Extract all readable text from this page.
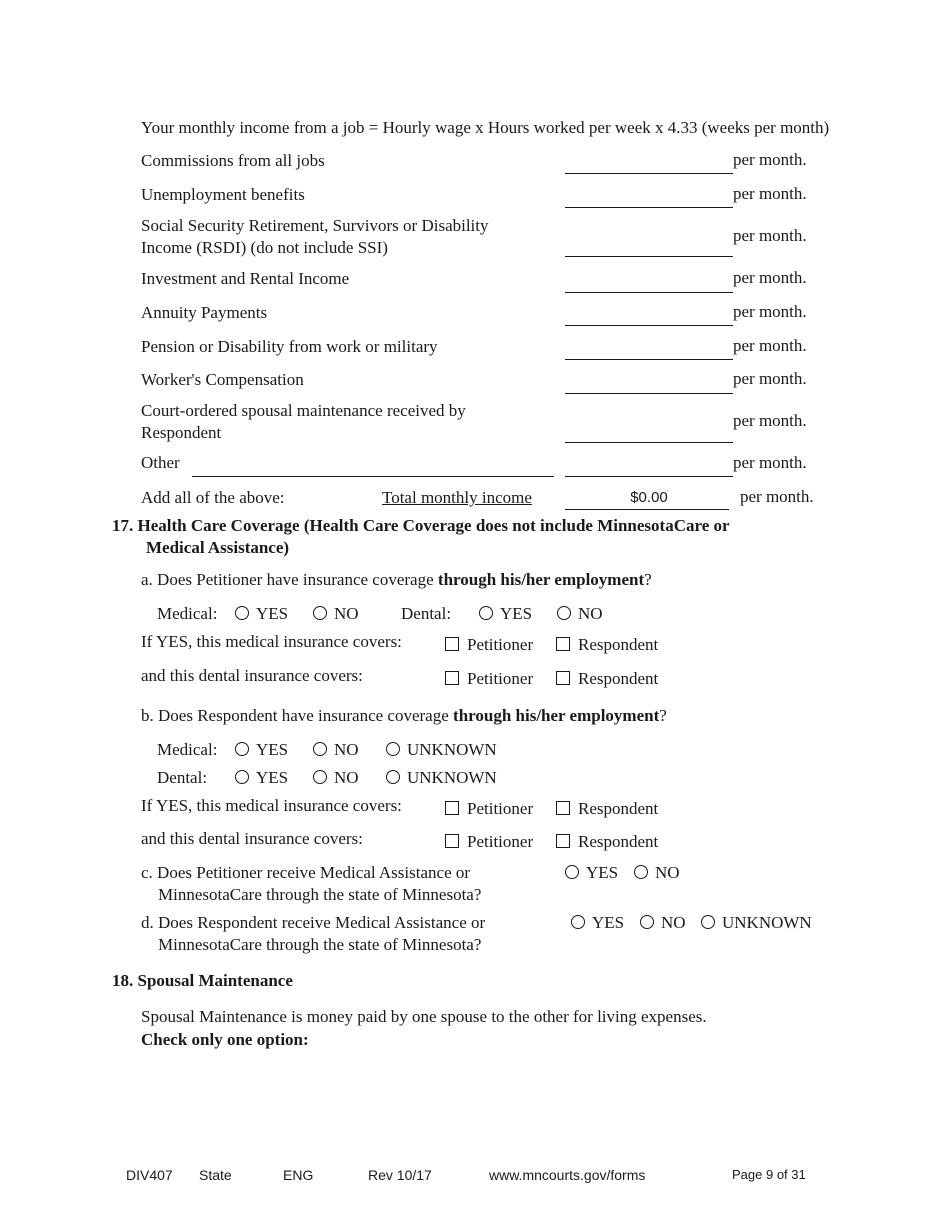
Your monthly income from a job = Hourly wage x Hours worked per week x 4.33 (weeks per month)
Commissions from all jobs	per month.
Unemployment benefits	per month.
Social Security Retirement, Survivors or Disability
Income (RSDI) (do not include SSI)
per month.
Investment and Rental Income	per month.
Annuity Payments	per month.
Pension or Disability from work or military	per month.
Worker's Compensation	per month.
Court-ordered spousal maintenance received by
Respondent
per month.
Other	per month.
Add all of the above:	Total monthly income	$0.00	per month.
17. Health Care Coverage (Health Care Coverage does not include MinnesotaCare or
Medical Assistance)
a. Does Petitioner have insurance coverage through his/her employment?
Medical:	YES	NO Dental:	YES	NO
If YES, this medical insurance covers:	Petitioner	Respondent
and this dental insurance covers:	Petitioner	Respondent
b. Does Respondent have insurance coverage through his/her employment?
Medical:	YES	NO	UNKNOWN
Dental:	YES	NO	UNKNOWN
If YES, this medical insurance covers:	Petitioner	Respondent
and this dental insurance covers:	Petitioner	Respondent
c. Does Petitioner receive Medical Assistance or
MinnesotaCare through the state of Minnesota?
YES	NO
d. Does Respondent receive Medical Assistance or
MinnesotaCare through the state of Minnesota?
YES	NO	UNKNOWN
18. Spousal Maintenance
Spousal Maintenance is money paid by one spouse to the other for living expenses.
Check only one option:
DIV407 State	ENG	Rev 10/17	www.mncourts.gov/forms	Page 9 of 31
